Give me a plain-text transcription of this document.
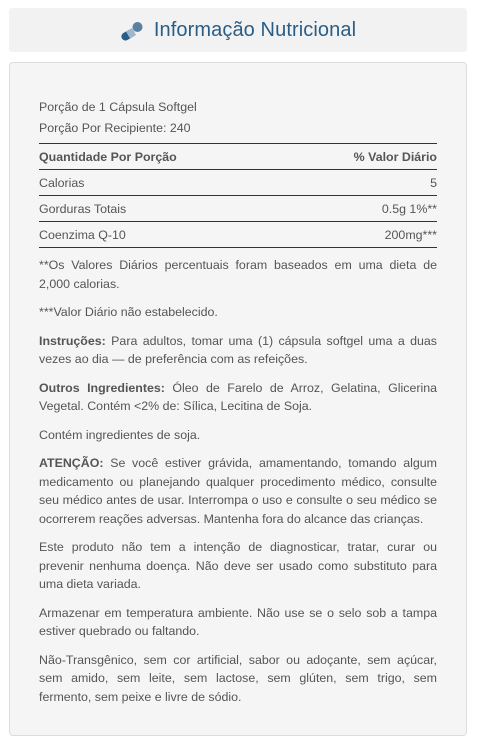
Informação Nutricional
Porção de 1 Cápsula Softgel
Porção Por Recipiente: 240
Quantidade Por Porção	% Valor Diário
Calorias	5
Gorduras Totais	0.5g 1%**
Coenzima Q-10	200mg***

**Os Valores Diários percentuais foram baseados em uma dieta de 2,000 calorias.

***Valor Diário não estabelecido.

Instruções: Para adultos, tomar uma (1) cápsula softgel uma a duas vezes ao dia — de preferência com as refeições.

Outros Ingredientes: Óleo de Farelo de Arroz, Gelatina, Glicerina Vegetal. Contém <2% de: Sílica, Lecitina de Soja.

Contém ingredientes de soja.

ATENÇÃO: Se você estiver grávida, amamentando, tomando algum medicamento ou planejando qualquer procedimento médico, consulte seu médico antes de usar. Interrompa o uso e consulte o seu médico se ocorrerem reações adversas. Mantenha fora do alcance das crianças.

Este produto não tem a intenção de diagnosticar, tratar, curar ou prevenir nenhuma doença. Não deve ser usado como substituto para uma dieta variada.

Armazenar em temperatura ambiente. Não use se o selo sob a tampa estiver quebrado ou faltando.

Não-Transgênico, sem cor artificial, sabor ou adoçante, sem açúcar, sem amido, sem leite, sem lactose, sem glúten, sem trigo, sem fermento, sem peixe e livre de sódio.
